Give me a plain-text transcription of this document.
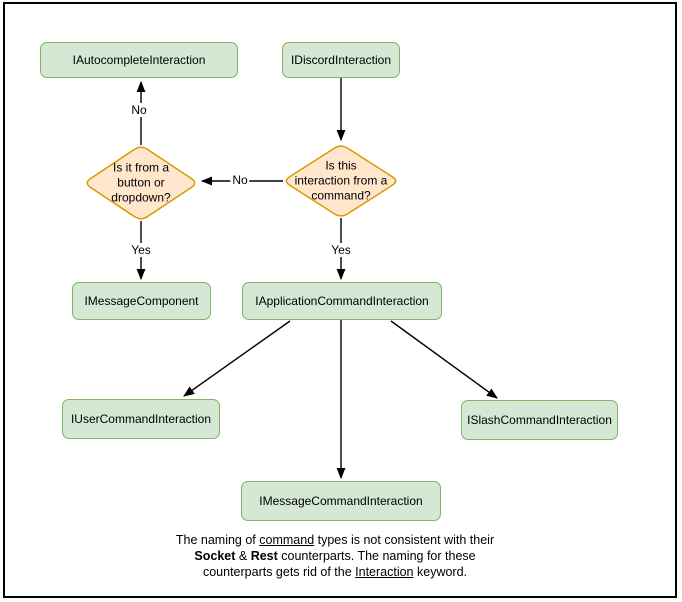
IAutocompleteInteraction	IDiscordInteraction
IMessageComponent	IApplicationCommandInteraction
IUserCommandInteraction	ISlashCommandInteraction
IMessageCommandInteraction
Is it from a
button or
dropdown?
Is this
interaction from a
command?
No
No
Yes	Yes
The naming of command types is not consistent with their
Socket & Rest counterparts. The naming for these
counterparts gets rid of the Interaction keyword.
